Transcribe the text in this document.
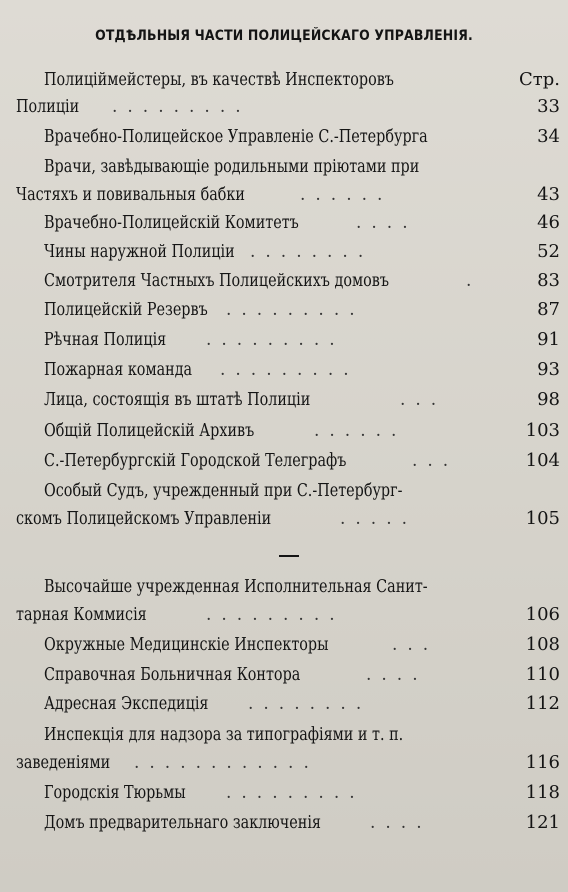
ОТДѢЛЬНЫЯ ЧАСТИ ПОЛИЦЕЙСКАГО УПРАВЛЕНІЯ.
Полиціймейстеры, въ качествѣ Инспекторовъ	Стр.
Полиціи .........	33
Врачебно-Полицейское Управленіе С.-Петербурга	34
Врачи, завѣдывающіе родильными пріютами при
Частяхъ и повивальныя бабки	......	43
Врачебно-Полицейскій Комитетъ	....	46
Чины наружной Полиціи ........	52
Смотрителя Частныхъ Полицейскихъ домовъ	.	83
Полицейскій Резервъ .........	87
Рѣчная Полиція .........	91
Пожарная команда .........	93
Лица, состоящія въ штатѣ Полиціи	...	98
Общій Полицейскій Архивъ	......	103
С.-Петербургскій Городской Телеграфъ	...	104
Особый Судъ, учрежденный при С.-Петербург-
скомъ Полицейскомъ Управленіи	.....	105
Высочайше учрежденная Исполнительная Санит-
тарная Коммисія	.........	106
Окружные Медицинскіе Инспекторы	...	108
Справочная Больничная Контора	....	110
Адресная Экспедиція ........	112
Инспекція для надзора за типографіями и т. п.
заведеніями ............	116
Городскія Тюрьмы .........	118
Домъ предварительнаго заключенія	....	121
